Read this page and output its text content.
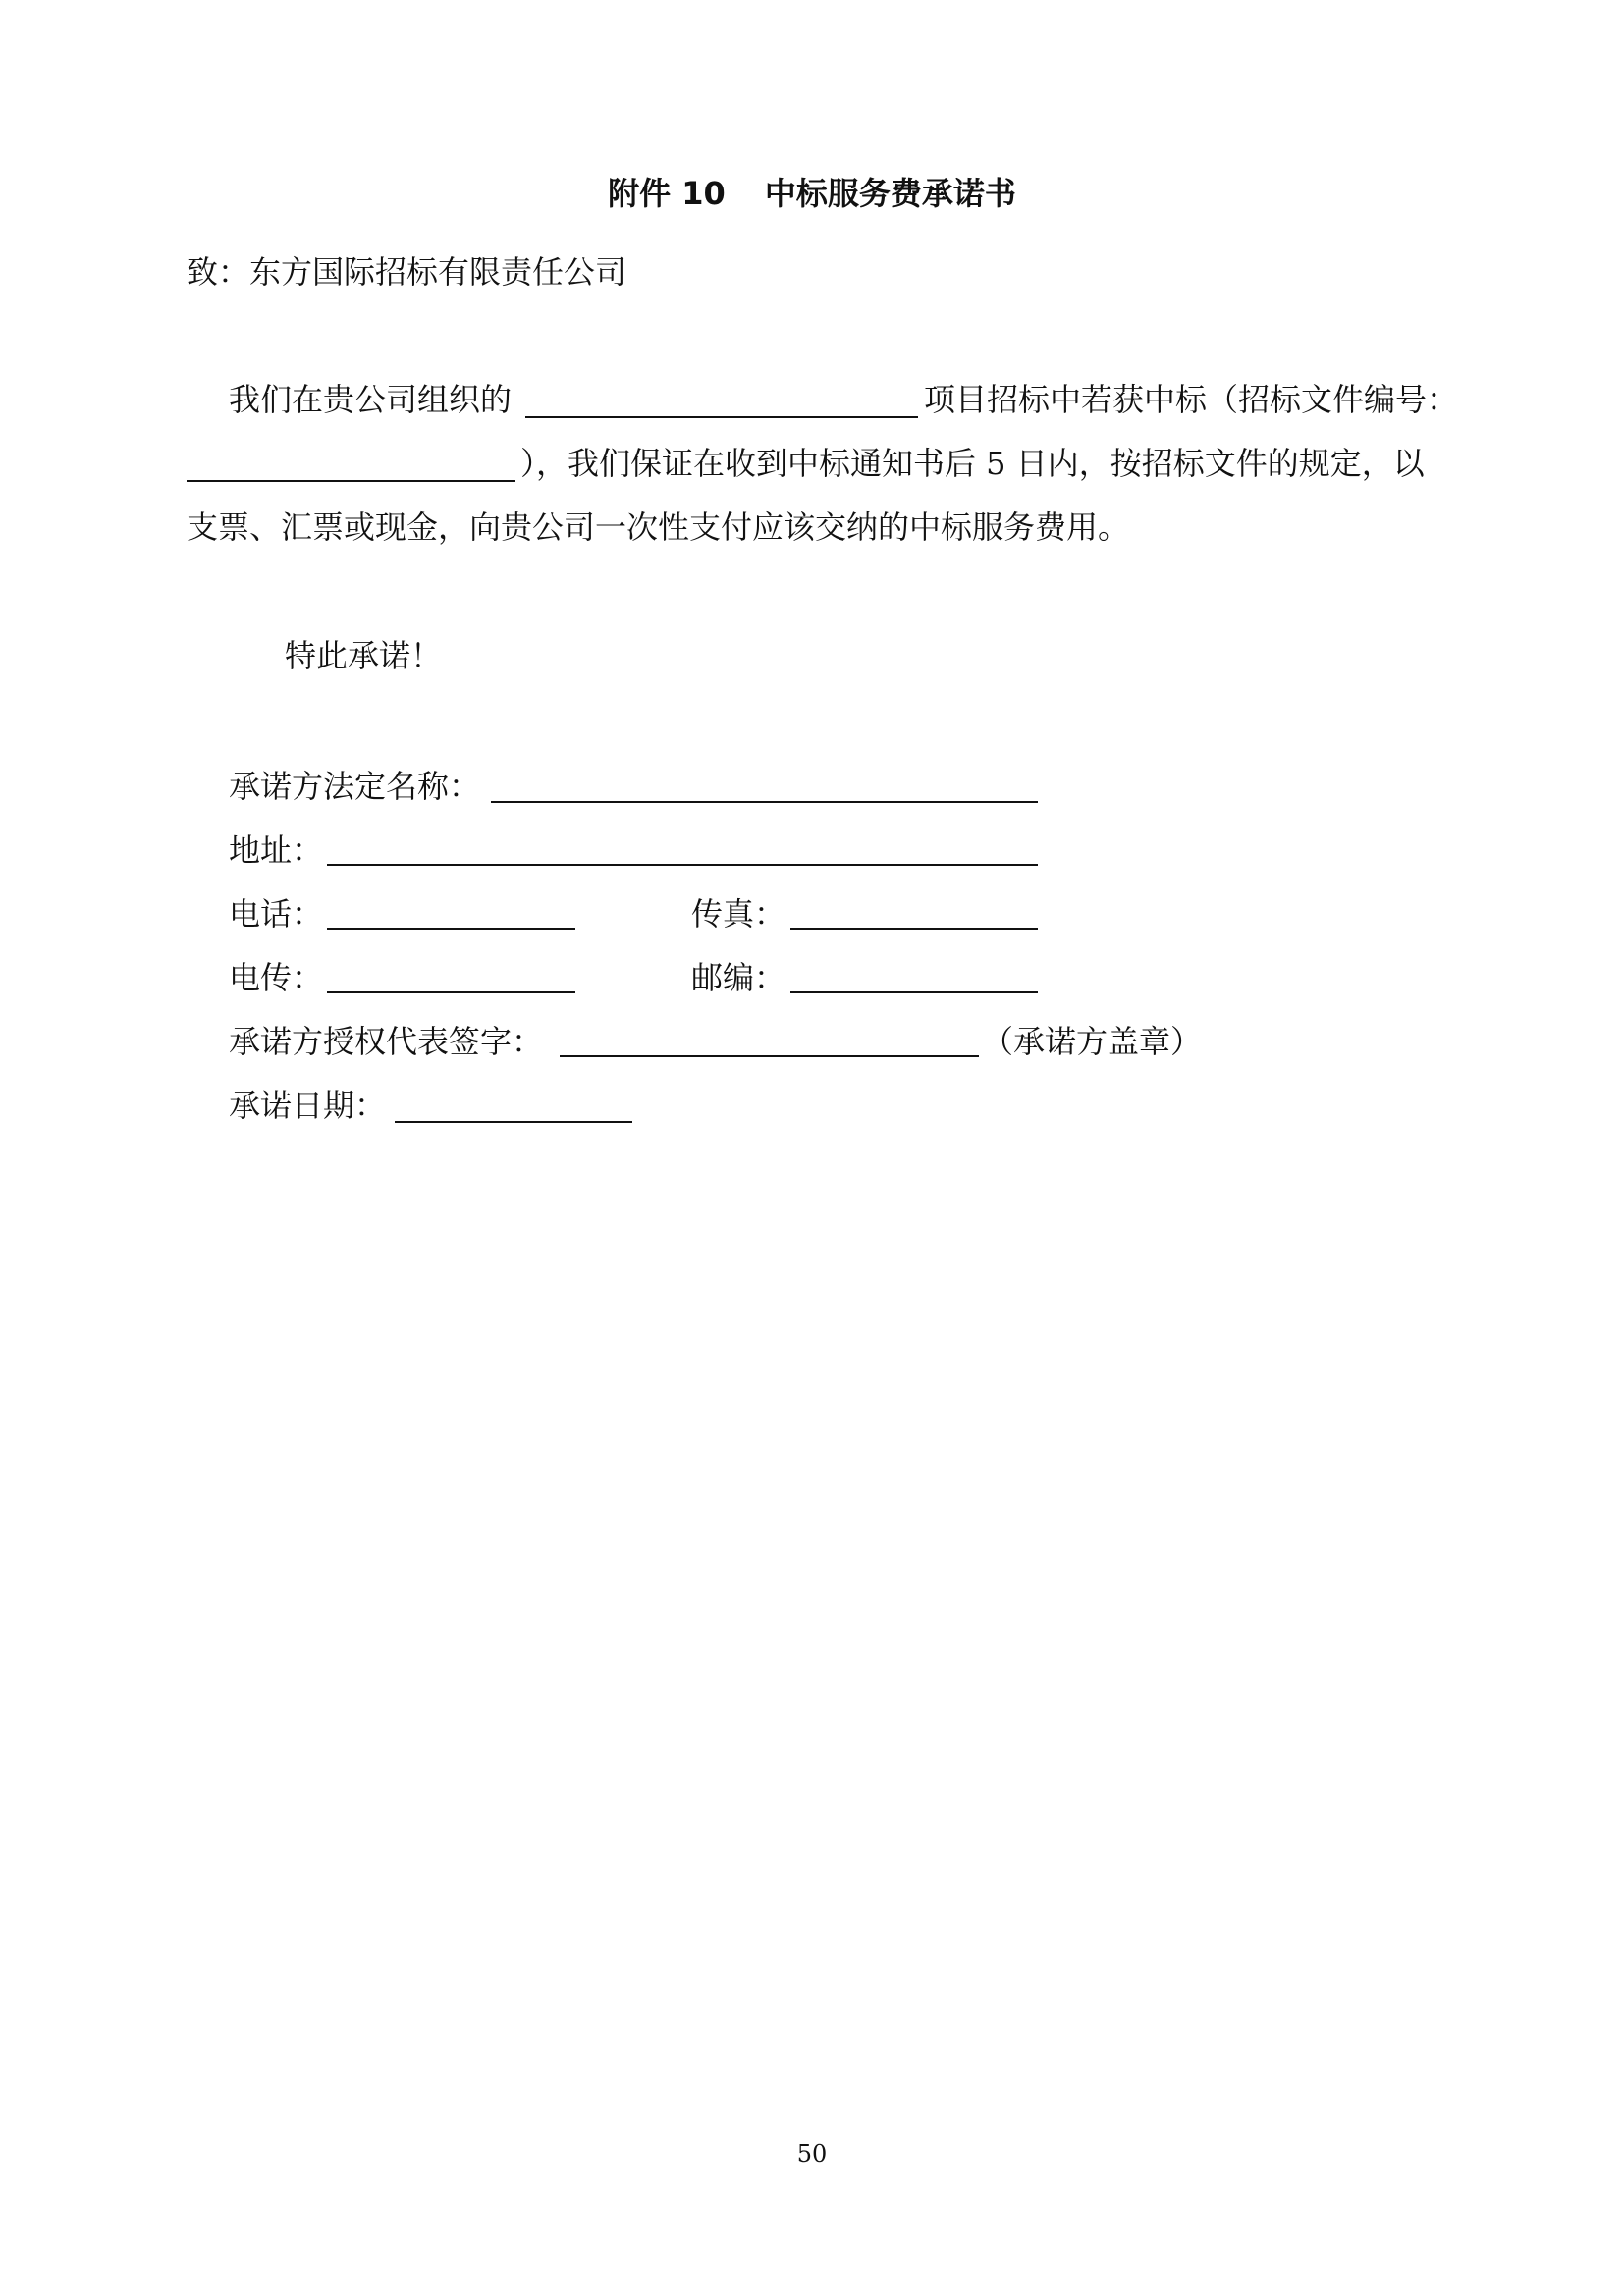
附件 10 中标服务费承诺书
致：东方国际招标有限责任公司
我们在贵公司组织的	项目招标中若获中标（招标文件编号：
），我们保证在收到中标通知书后 5 日内，按招标文件的规定，以
支票、汇票或现金，向贵公司一次性支付应该交纳的中标服务费用。
特此承诺！
承诺方法定名称：
地址：
电话：	传真：
电传：	邮编：
承诺方授权代表签字：	（承诺方盖章）
承诺日期：
50
